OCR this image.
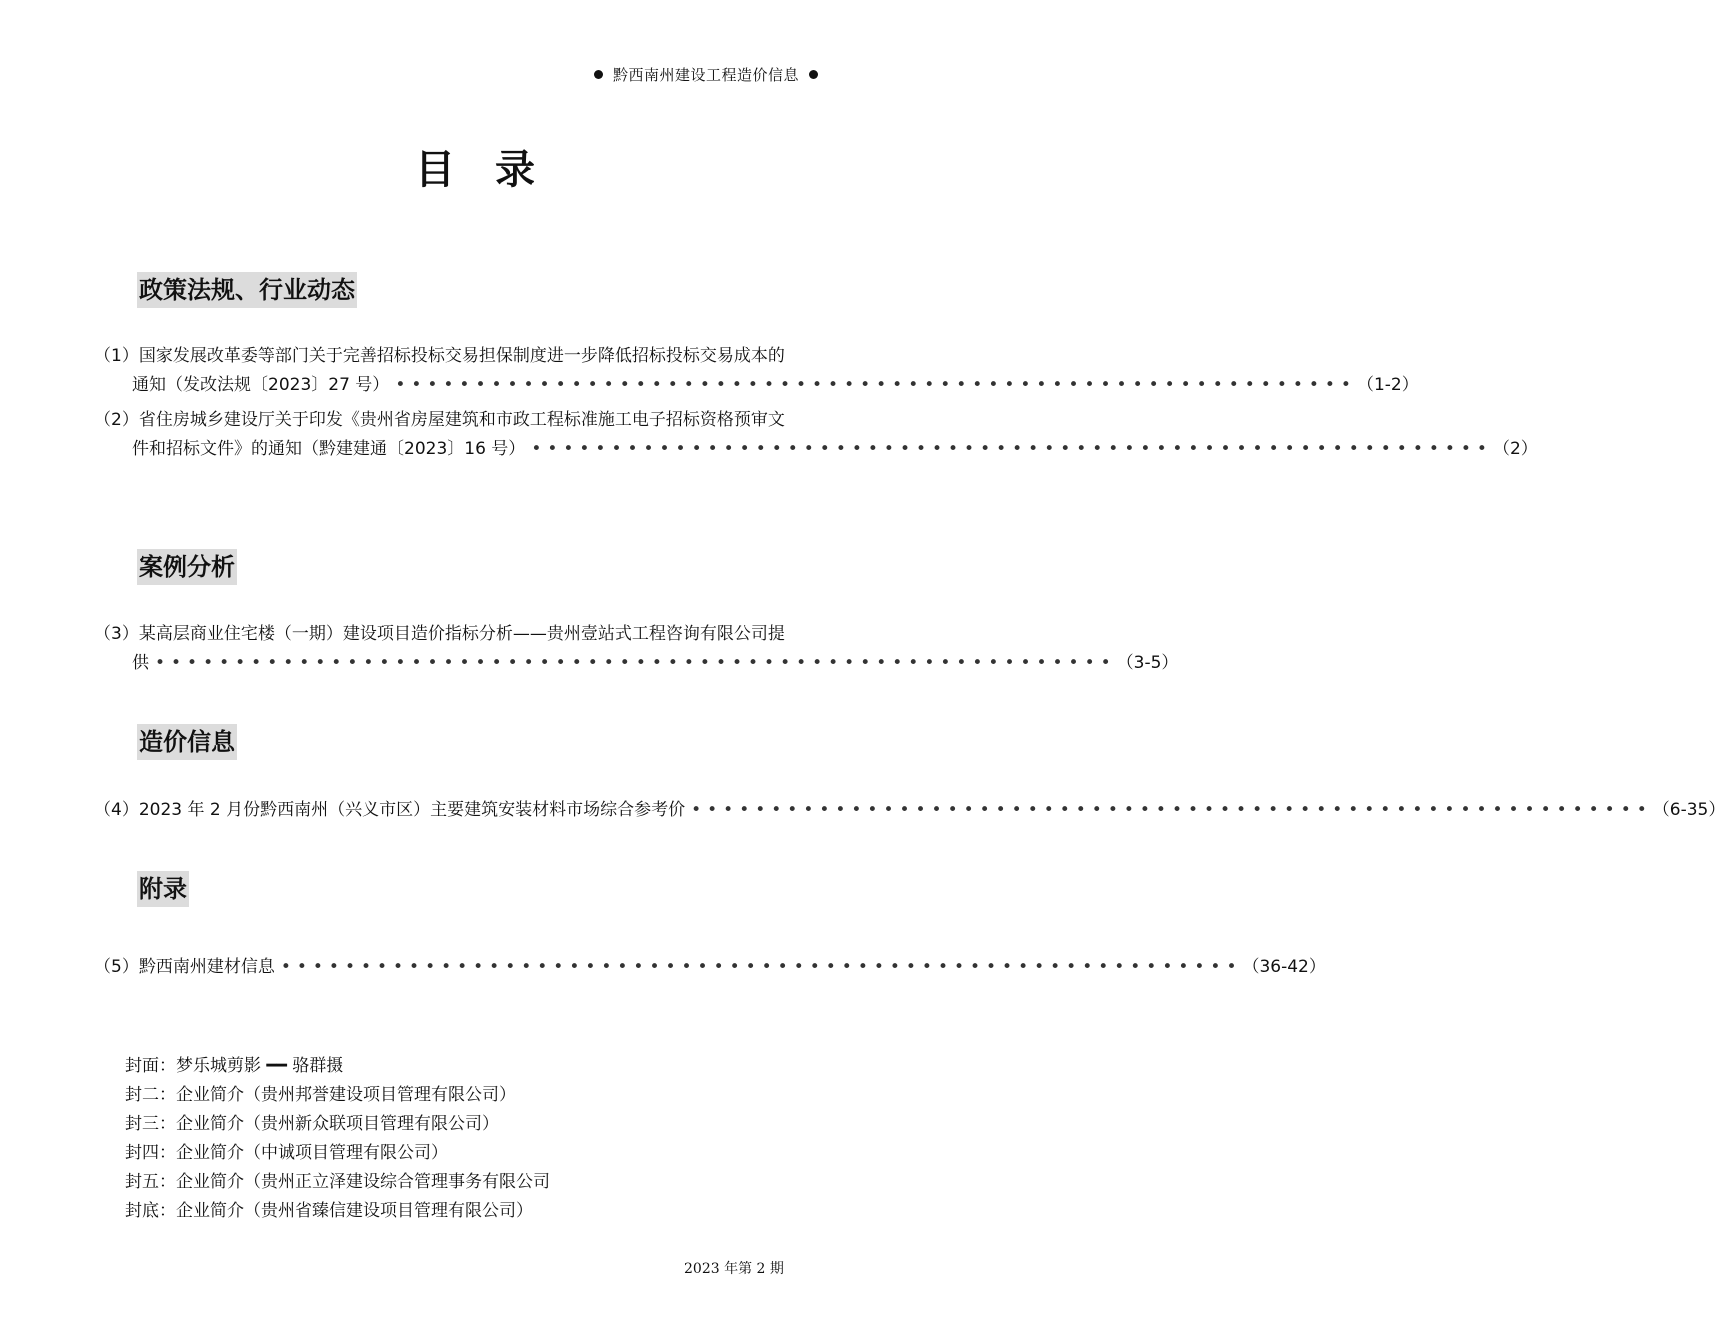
黔西南州建设工程造价信息
目录
政策法规、行业动态
（1） 国家发展改革委等部门关于完善招标投标交易担保制度进一步降低招标投标交易成本的
通知（发改法规〔2023〕27 号） •••••••••••••••••••••••••••••••••••••••••••••••••••••••••••• （1-2）
（2） 省住房城乡建设厅关于印发《贵州省房屋建筑和市政工程标准施工电子招标资格预审文
件和招标文件》的通知（黔建建通〔2023〕16 号） •••••••••••••••••••••••••••••••••••••••••••••••••••••••••••• （2）
案例分析
（3） 某高层商业住宅楼（一期）建设项目造价指标分析——贵州壹站式工程咨询有限公司提
供 •••••••••••••••••••••••••••••••••••••••••••••••••••••••••••• （3-5）
造价信息
（4） 2023 年 2 月份黔西南州（兴义市区）主要建筑安装材料市场综合参考价 •••••••••••••••••••••••••••••••••••••••••••••••••••••••••••• （6-35）
附录
（5） 黔西南州建材信息 •••••••••••••••••••••••••••••••••••••••••••••••••••••••••••• （36-42）
封面：梦乐城剪影 ━━ 骆群摄
封二：企业简介（贵州邦誉建设项目管理有限公司）
封三：企业简介（贵州新众联项目管理有限公司）
封四：企业简介（中诚项目管理有限公司）
封五：企业简介（贵州正立泽建设综合管理事务有限公司
封底：企业简介（贵州省臻信建设项目管理有限公司）
2023 年第 2 期
